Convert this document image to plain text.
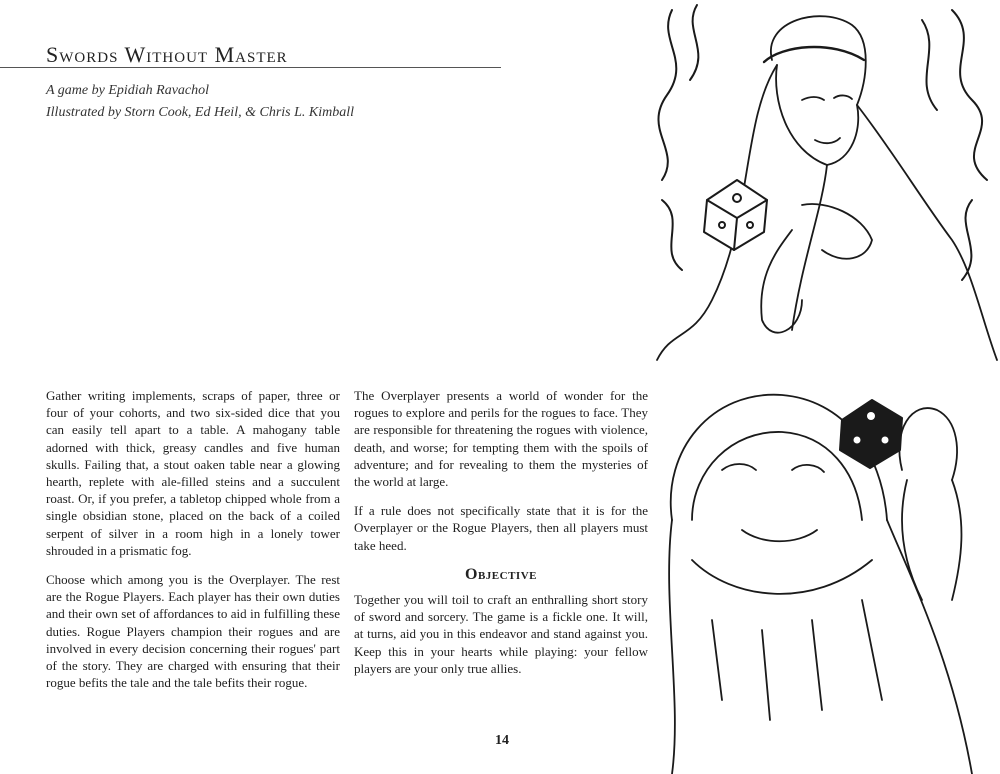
Swords Without Master

A game by Epidiah Ravachol

Illustrated by Storn Cook, Ed Heil, & Chris L. Kimball

Gather writing implements, scraps of paper, three or four of your cohorts, and two six-sided dice that you can easily tell apart to a table. A mahogany table adorned with thick, greasy candles and five human skulls. Failing that, a stout oaken table near a glowing hearth, replete with ale-filled steins and a succulent roast. Or, if you prefer, a tabletop chipped whole from a single obsidian stone, placed on the back of a coiled serpent of silver in a room high in a lonely tower shrouded in a prismatic fog.

Choose which among you is the Overplayer. The rest are the Rogue Players. Each player has their own duties and their own set of affordances to aid in fulfilling these duties. Rogue Players champion their rogues and are involved in every decision concerning their rogues' part of the story. They are charged with ensuring that their rogue befits the tale and the tale befits their rogue.

The Overplayer presents a world of wonder for the rogues to explore and perils for the rogues to face. They are responsible for threatening the rogues with violence, death, and worse; for tempting them with the spoils of adventure; and for revealing to them the mysteries of the world at large.

If a rule does not specifically state that it is for the Overplayer or the Rogue Players, then all players must take heed.

Objective

Together you will toil to craft an enthralling short story of sword and sorcery. The game is a fickle one. It will, at turns, aid you in this endeavor and stand against you. Keep this in your hearts while playing: your fellow players are your only true allies.

14
